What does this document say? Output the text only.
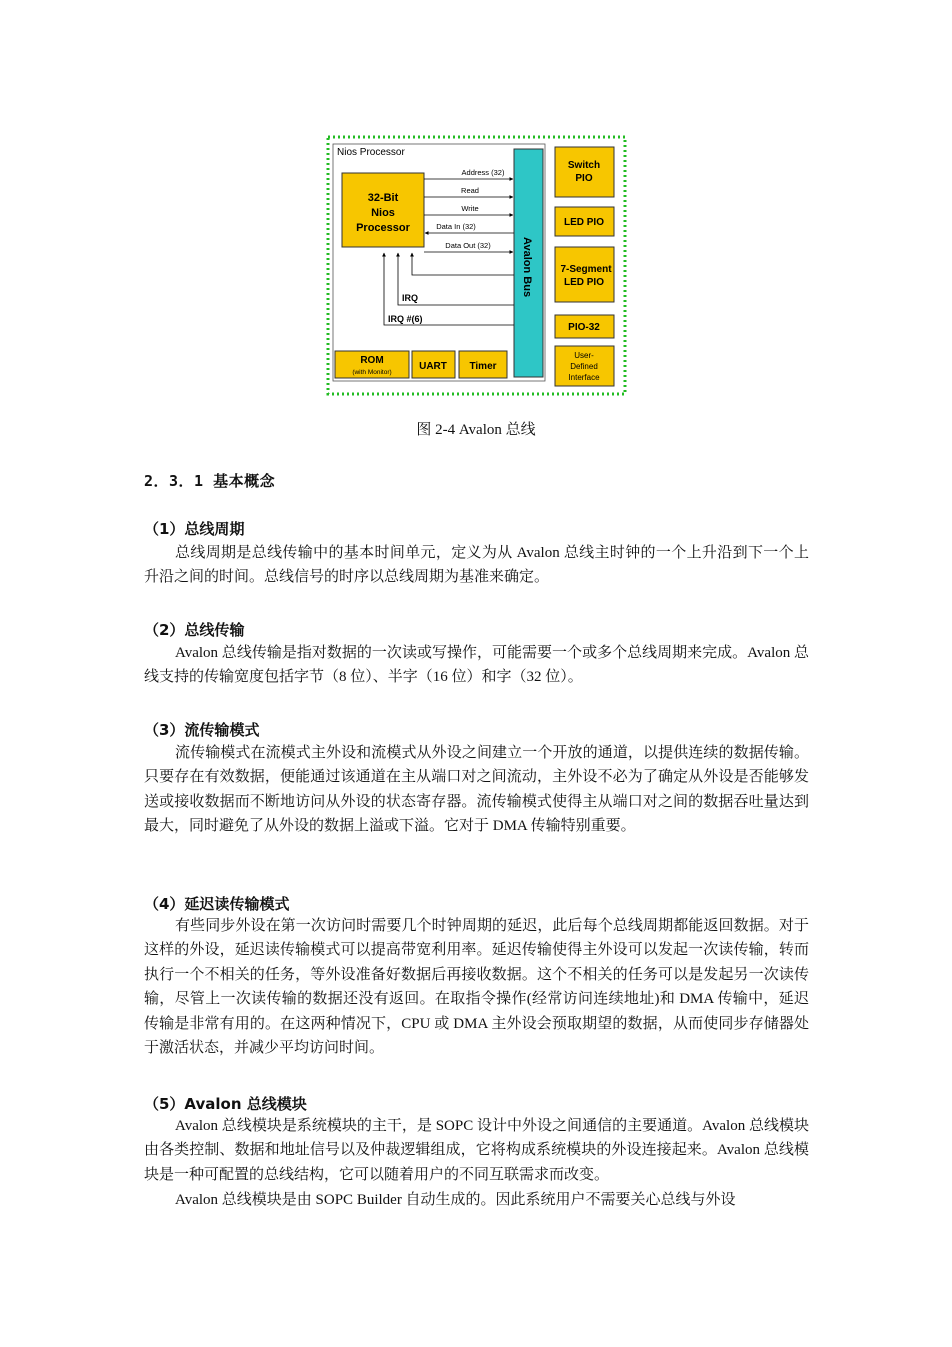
Nios Processor
32-Bit
Nios
Processor
Avalon Bus
Address (32)
Read
Write
Data In (32)
Data Out (32)
IRQ
IRQ #(6)
ROM
(with Monitor)
UART Timer
Switch
PIO
LED PIO
7-Segment
LED PIO
PIO-32
User-
Defined
Interface
图 2-4 Avalon 总线
2．3．1 基本概念
（1）总线周期

总线周期是总线传输中的基本时间单元，定义为从 Avalon 总线主时钟的一个上升沿到下一个上升沿之间的时间。总线信号的时序以总线周期为基准来确定。

（2）总线传输

Avalon 总线传输是指对数据的一次读或写操作，可能需要一个或多个总线周期来完成。Avalon 总线支持的传输宽度包括字节（8 位）、半字（16 位）和字（32 位）。

（3）流传输模式

流传输模式在流模式主外设和流模式从外设之间建立一个开放的通道，以提供连续的数据传输。只要存在有效数据，便能通过该通道在主从端口对之间流动，主外设不必为了确定从外设是否能够发送或接收数据而不断地访问从外设的状态寄存器。流传输模式使得主从端口对之间的数据吞吐量达到最大，同时避免了从外设的数据上溢或下溢。它对于 DMA 传输特别重要。

（4）延迟读传输模式

有些同步外设在第一次访问时需要几个时钟周期的延迟，此后每个总线周期都能返回数据。对于这样的外设，延迟读传输模式可以提高带宽利用率。延迟传输使得主外设可以发起一次读传输，转而执行一个不相关的任务，等外设准备好数据后再接收数据。这个不相关的任务可以是发起另一次读传输，尽管上一次读传输的数据还没有返回。在取指令操作(经常访问连续地址)和 DMA 传输中，延迟传输是非常有用的。在这两种情况下，CPU 或 DMA 主外设会预取期望的数据，从而使同步存储器处于激活状态，并减少平均访问时间。

（5）Avalon 总线模块

Avalon 总线模块是系统模块的主干，是 SOPC 设计中外设之间通信的主要通道。Avalon 总线模块由各类控制、数据和地址信号以及仲裁逻辑组成，它将构成系统模块的外设连接起来。Avalon 总线模块是一种可配置的总线结构，它可以随着用户的不同互联需求而改变。

Avalon 总线模块是由 SOPC Builder 自动生成的。因此系统用户不需要关心总线与外设
